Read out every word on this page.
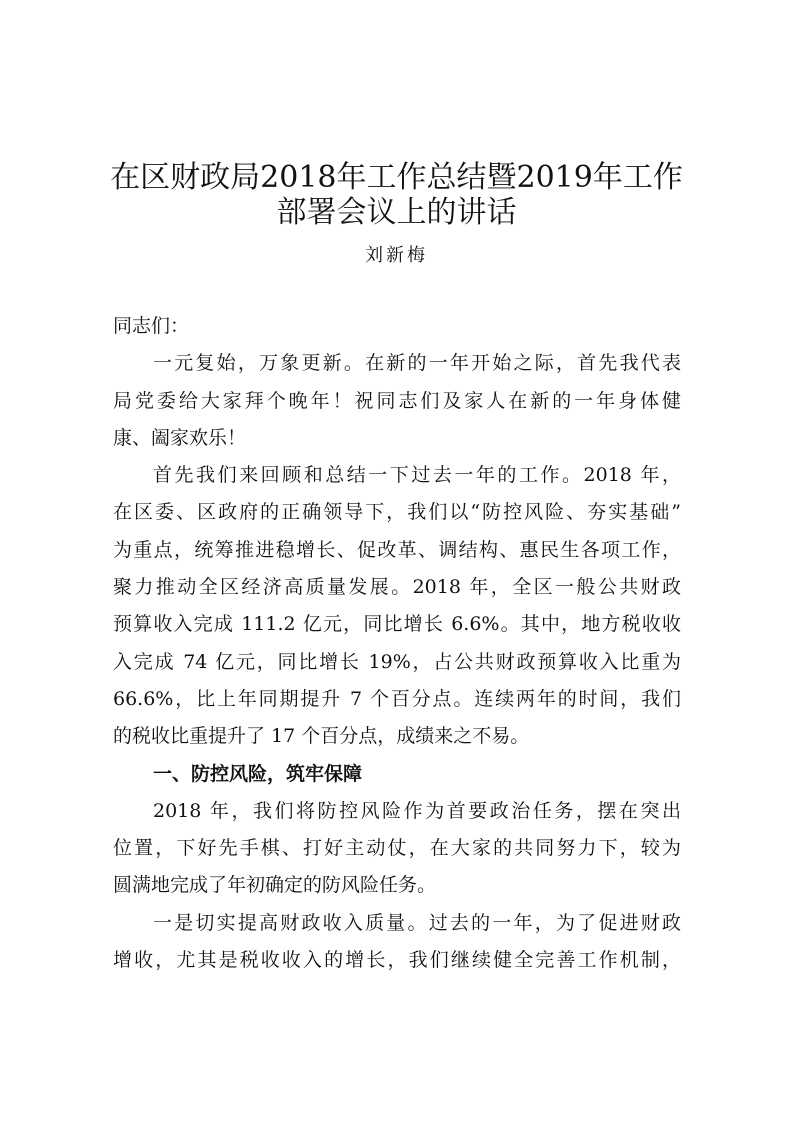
在区财政局2018年工作总结暨2019年工作
部署会议上的讲话
刘新梅
同志们：
一元复始，万象更新。在新的一年开始之际，首先我代表
局党委给大家拜个晚年！祝同志们及家人在新的一年身体健
康、阖家欢乐！
首先我们来回顾和总结一下过去一年的工作。2018 年，
在区委、区政府的正确领导下，我们以“防控风险、夯实基础”
为重点，统筹推进稳增长、促改革、调结构、惠民生各项工作，
聚力推动全区经济高质量发展。2018 年，全区一般公共财政
预算收入完成 111.2 亿元，同比增长 6.6%。其中，地方税收收
入完成 74 亿元，同比增长 19%，占公共财政预算收入比重为
66.6%，比上年同期提升 7 个百分点。连续两年的时间，我们
的税收比重提升了 17 个百分点，成绩来之不易。
一、防控风险，筑牢保障
2018 年，我们将防控风险作为首要政治任务，摆在突出
位置，下好先手棋、打好主动仗，在大家的共同努力下，较为
圆满地完成了年初确定的防风险任务。
一是切实提高财政收入质量。过去的一年，为了促进财政
增收，尤其是税收收入的增长，我们继续健全完善工作机制，
